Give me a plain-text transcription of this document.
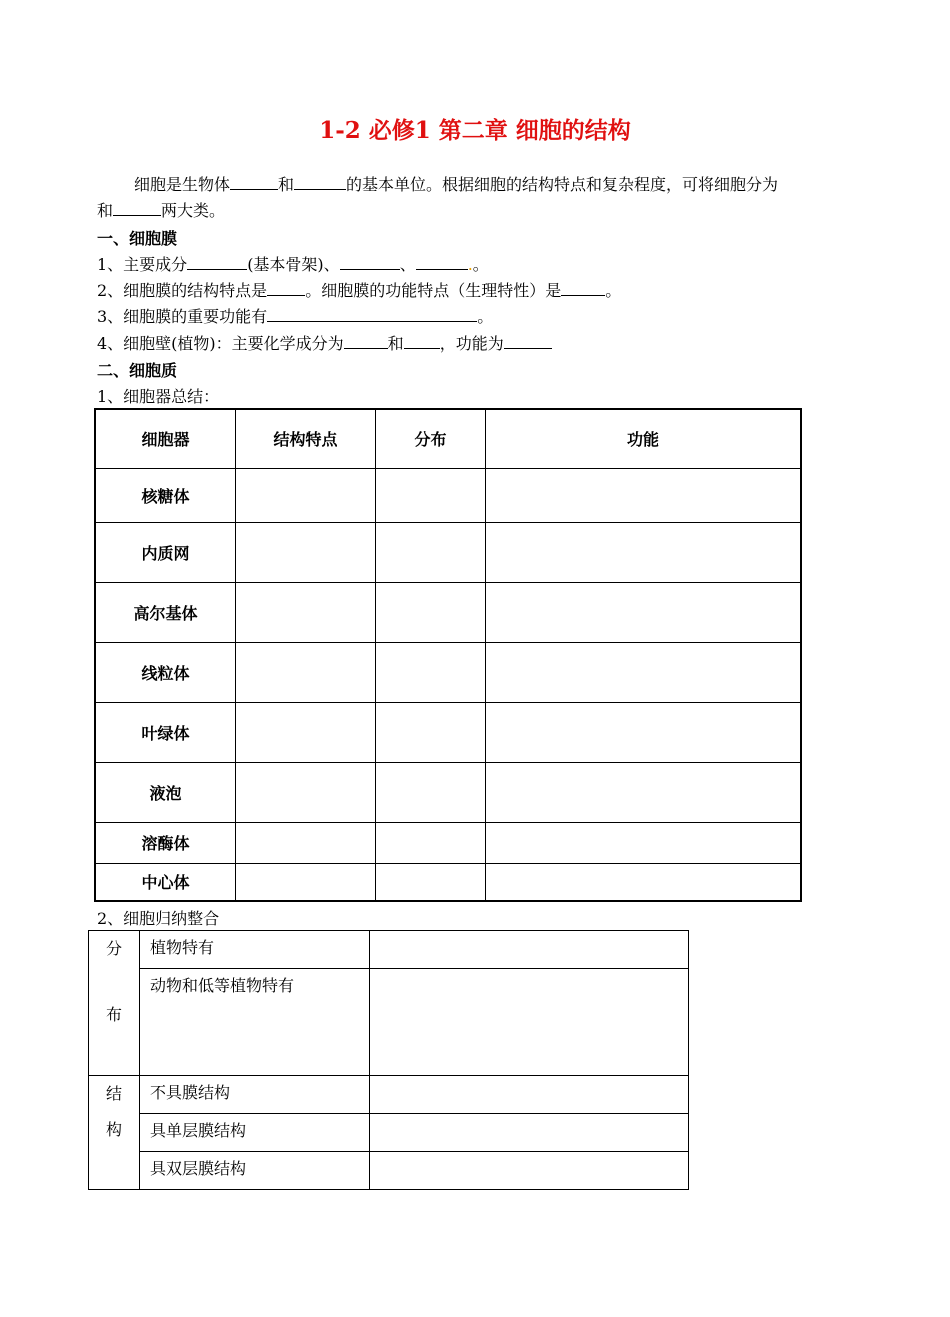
1-2 必修1 第二章 细胞的结构
细胞是生物体	和	的基本单位。根据细胞的结构特点和复杂程度，可将细胞分为
和	两大类。
一、细胞膜
1、主要成分	(基本骨架)、	、	.。
2、细胞膜的结构特点是 。细胞膜的功能特点（生理特性）是	。
3、细胞膜的重要功能有	。
4、细胞壁(植物)：主要化学成分为	和 ，功能为
二、细胞质
1、细胞器总结：
细胞器	结构特点	分布	功能
核糖体			
内质网			
高尔基体			
线粒体			
叶绿体			
液泡			
溶酶体			
中心体			
2、细胞归纳整合
分
布	植物特有	
	动物和低等植物特有	

结
构	不具膜结构	
	具单层膜结构	
	具双层膜结构	
